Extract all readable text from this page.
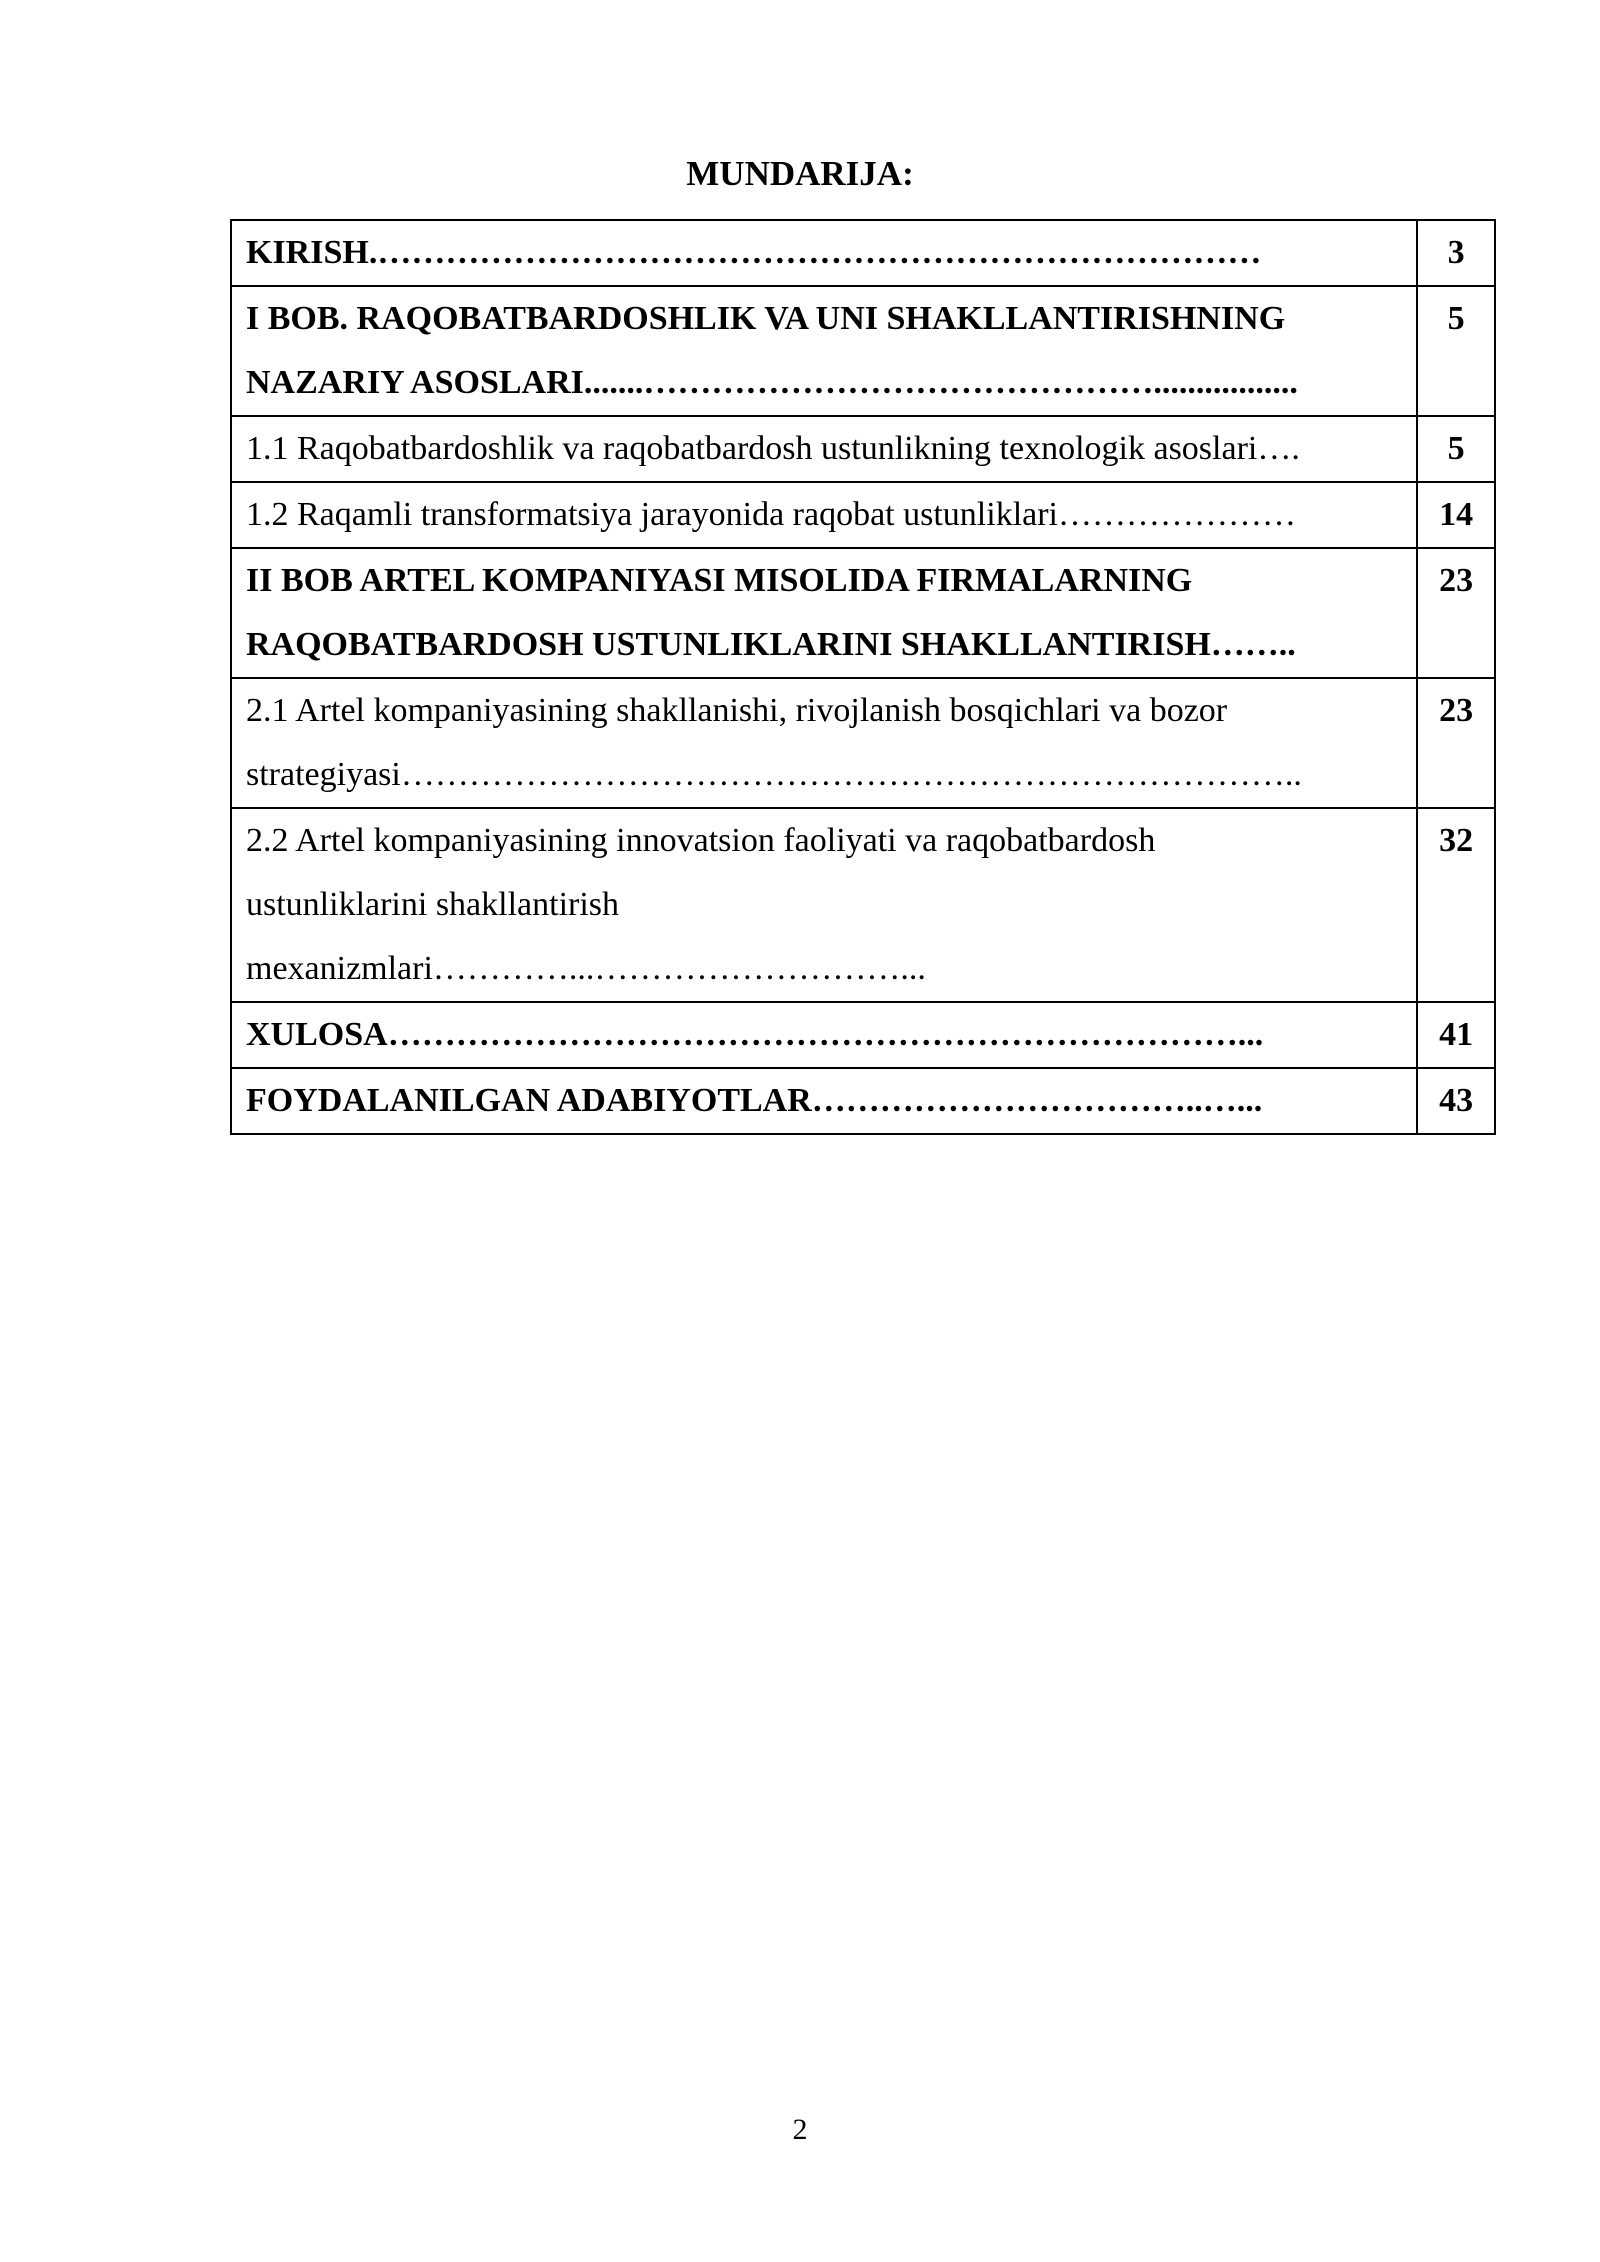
MUNDARIJA:
KIRISH.……………………………………………………………………	3

I BOB. RAQOBATBARDOSHLIK VA UNI SHAKLLANTIRISHNING
NAZARIY ASOSLARI.......……………………………………….................	5

1.1 Raqobatbardoshlik va raqobatbardosh ustunlikning texnologik asoslari….	5

1.2 Raqamli transformatsiya jarayonida raqobat ustunliklari…………………	14

II BOB ARTEL KOMPANIYASI MISOLIDA FIRMALARNING
RAQOBATBARDOSH USTUNLIKLARINI SHAKLLANTIRISH……..	23

2.1 Artel kompaniyasining shakllanishi, rivojlanish bosqichlari va bozor
strategiyasi……………………………………………………………………..	23

2.2 Artel kompaniyasining innovatsion faoliyati va raqobatbardosh
ustunliklarini shakllantirish
mexanizmlari…………...………………………...	32

XULOSA…………………………………………………………………...	41

FOYDALANILGAN ADABIYOTLAR……………………………..…...	43
2
